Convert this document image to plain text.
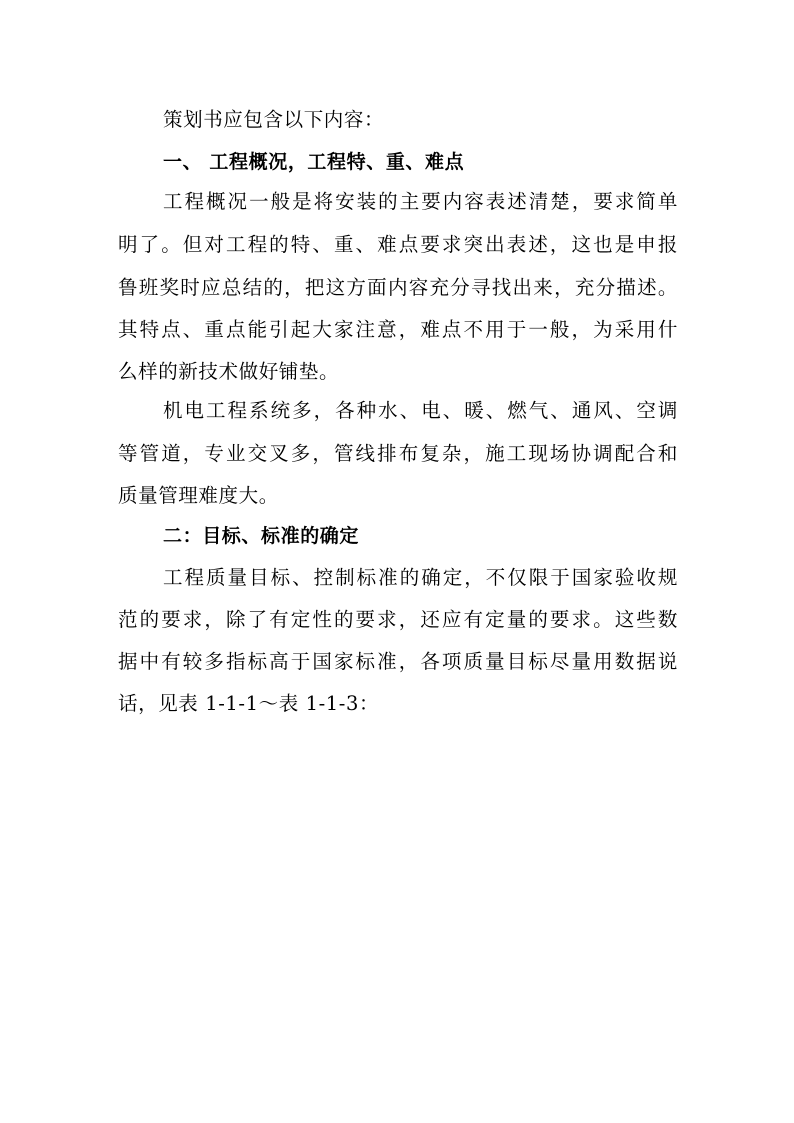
策划书应包含以下内容：
一、 工程概况，工程特、重、难点
工程概况一般是将安装的主要内容表述清楚，要求简单
明了。但对工程的特、重、难点要求突出表述，这也是申报
鲁班奖时应总结的，把这方面内容充分寻找出来，充分描述。
其特点、重点能引起大家注意，难点不用于一般，为采用什
么样的新技术做好铺垫。
机电工程系统多，各种水、电、暖、燃气、通风、空调
等管道，专业交叉多，管线排布复杂，施工现场协调配合和
质量管理难度大。
二：目标、标准的确定
工程质量目标、控制标准的确定，不仅限于国家验收规
范的要求，除了有定性的要求，还应有定量的要求。这些数
据中有较多指标高于国家标准，各项质量目标尽量用数据说
话，见表 1-1-1～表 1-1-3：
